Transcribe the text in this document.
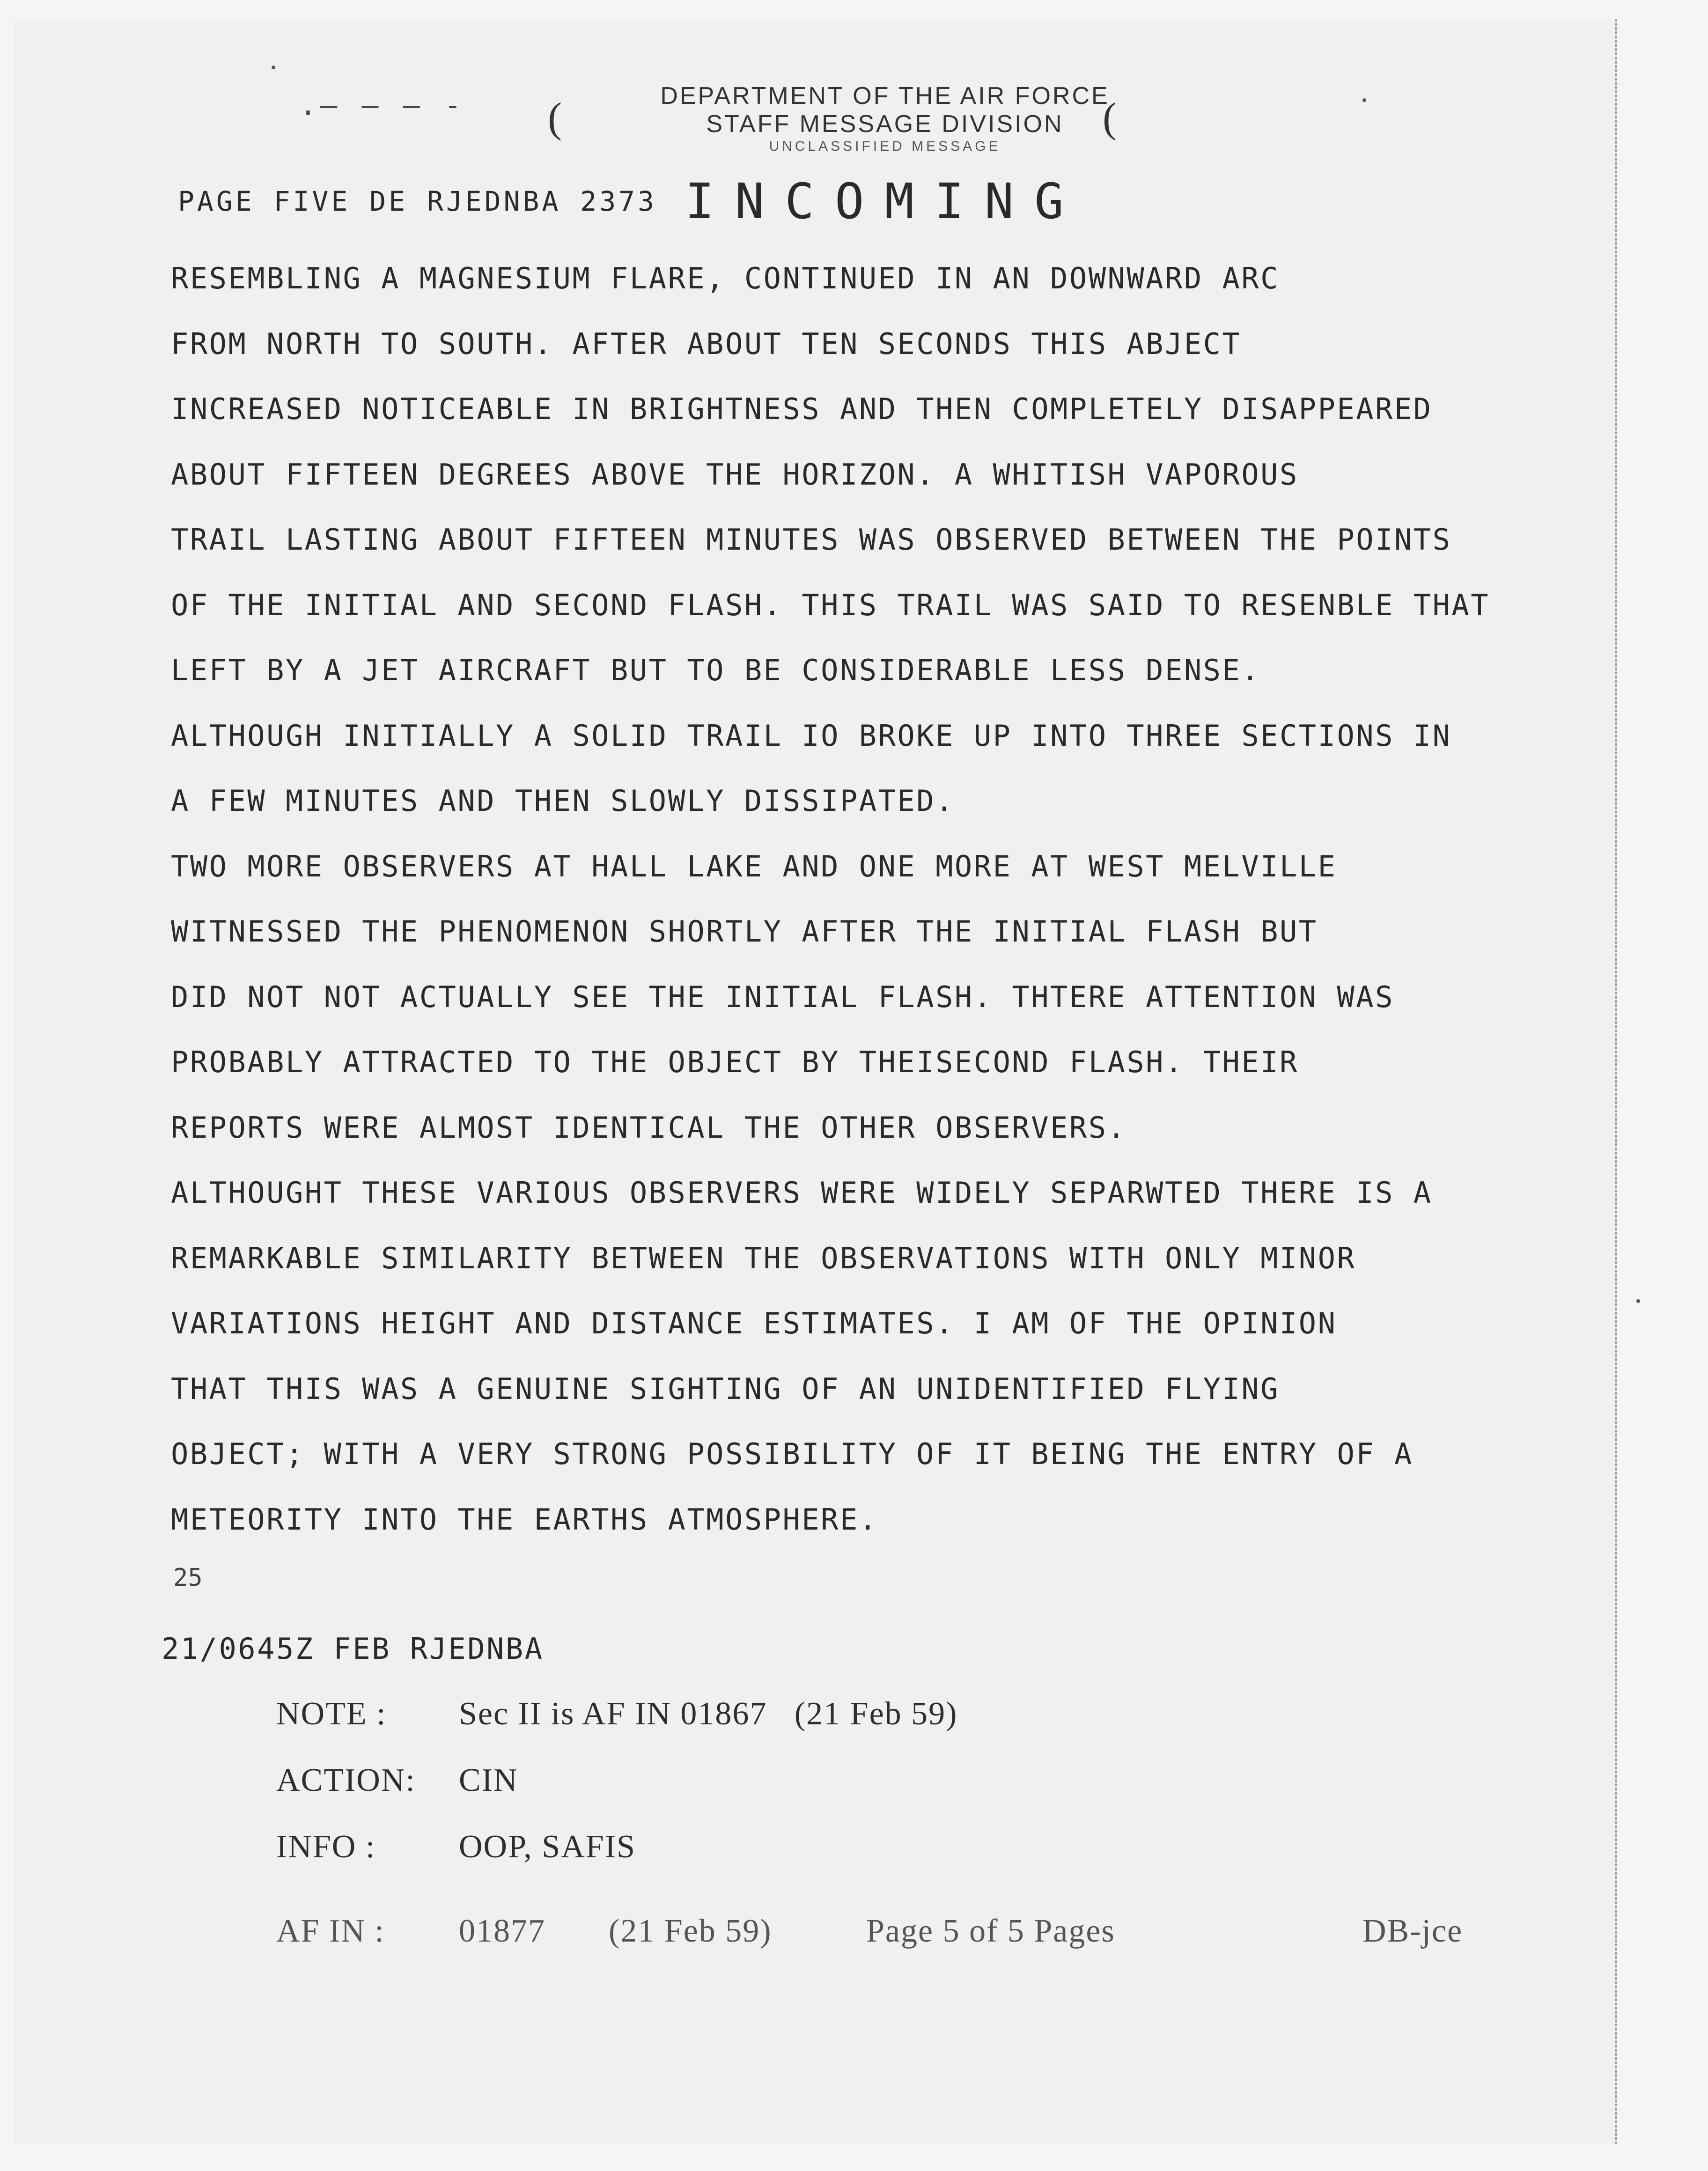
.— — — - (	(
DEPARTMENT OF THE AIR FORCE
STAFF MESSAGE DIVISION
UNCLASSIFIED MESSAGE
PAGE FIVE DE RJEDNBA 2373 INCOMING
RESEMBLING A MAGNESIUM FLARE, CONTINUED IN AN DOWNWARD ARC
FROM NORTH TO SOUTH. AFTER ABOUT TEN SECONDS THIS ABJECT
INCREASED NOTICEABLE IN BRIGHTNESS AND THEN COMPLETELY DISAPPEARED
ABOUT FIFTEEN DEGREES ABOVE THE HORIZON. A WHITISH VAPOROUS
TRAIL LASTING ABOUT FIFTEEN MINUTES WAS OBSERVED BETWEEN THE POINTS
OF THE INITIAL AND SECOND FLASH. THIS TRAIL WAS SAID TO RESENBLE THAT
LEFT BY A JET AIRCRAFT BUT TO BE CONSIDERABLE LESS DENSE.
ALTHOUGH INITIALLY A SOLID TRAIL IO BROKE UP INTO THREE SECTIONS IN
A FEW MINUTES AND THEN SLOWLY DISSIPATED.
TWO MORE OBSERVERS AT HALL LAKE AND ONE MORE AT WEST MELVILLE
WITNESSED THE PHENOMENON SHORTLY AFTER THE INITIAL FLASH BUT
DID NOT NOT ACTUALLY SEE THE INITIAL FLASH. THTERE ATTENTION WAS
PROBABLY ATTRACTED TO THE OBJECT BY THEISECOND FLASH. THEIR
REPORTS WERE ALMOST IDENTICAL THE OTHER OBSERVERS.
ALTHOUGHT THESE VARIOUS OBSERVERS WERE WIDELY SEPARWTED THERE IS A
REMARKABLE SIMILARITY BETWEEN THE OBSERVATIONS WITH ONLY MINOR
VARIATIONS HEIGHT AND DISTANCE ESTIMATES. I AM OF THE OPINION
THAT THIS WAS A GENUINE SIGHTING OF AN UNIDENTIFIED FLYING
OBJECT; WITH A VERY STRONG POSSIBILITY OF IT BEING THE ENTRY OF A
METEORITY INTO THE EARTHS ATMOSPHERE.
25
21/0645Z FEB RJEDNBA
NOTE :	Sec II is AF IN 01867   (21 Feb 59)
ACTION:	CIN
INFO :	OOP, SAFIS
AF IN :	01877	(21 Feb 59)	Page 5 of 5 Pages	DB-jce
